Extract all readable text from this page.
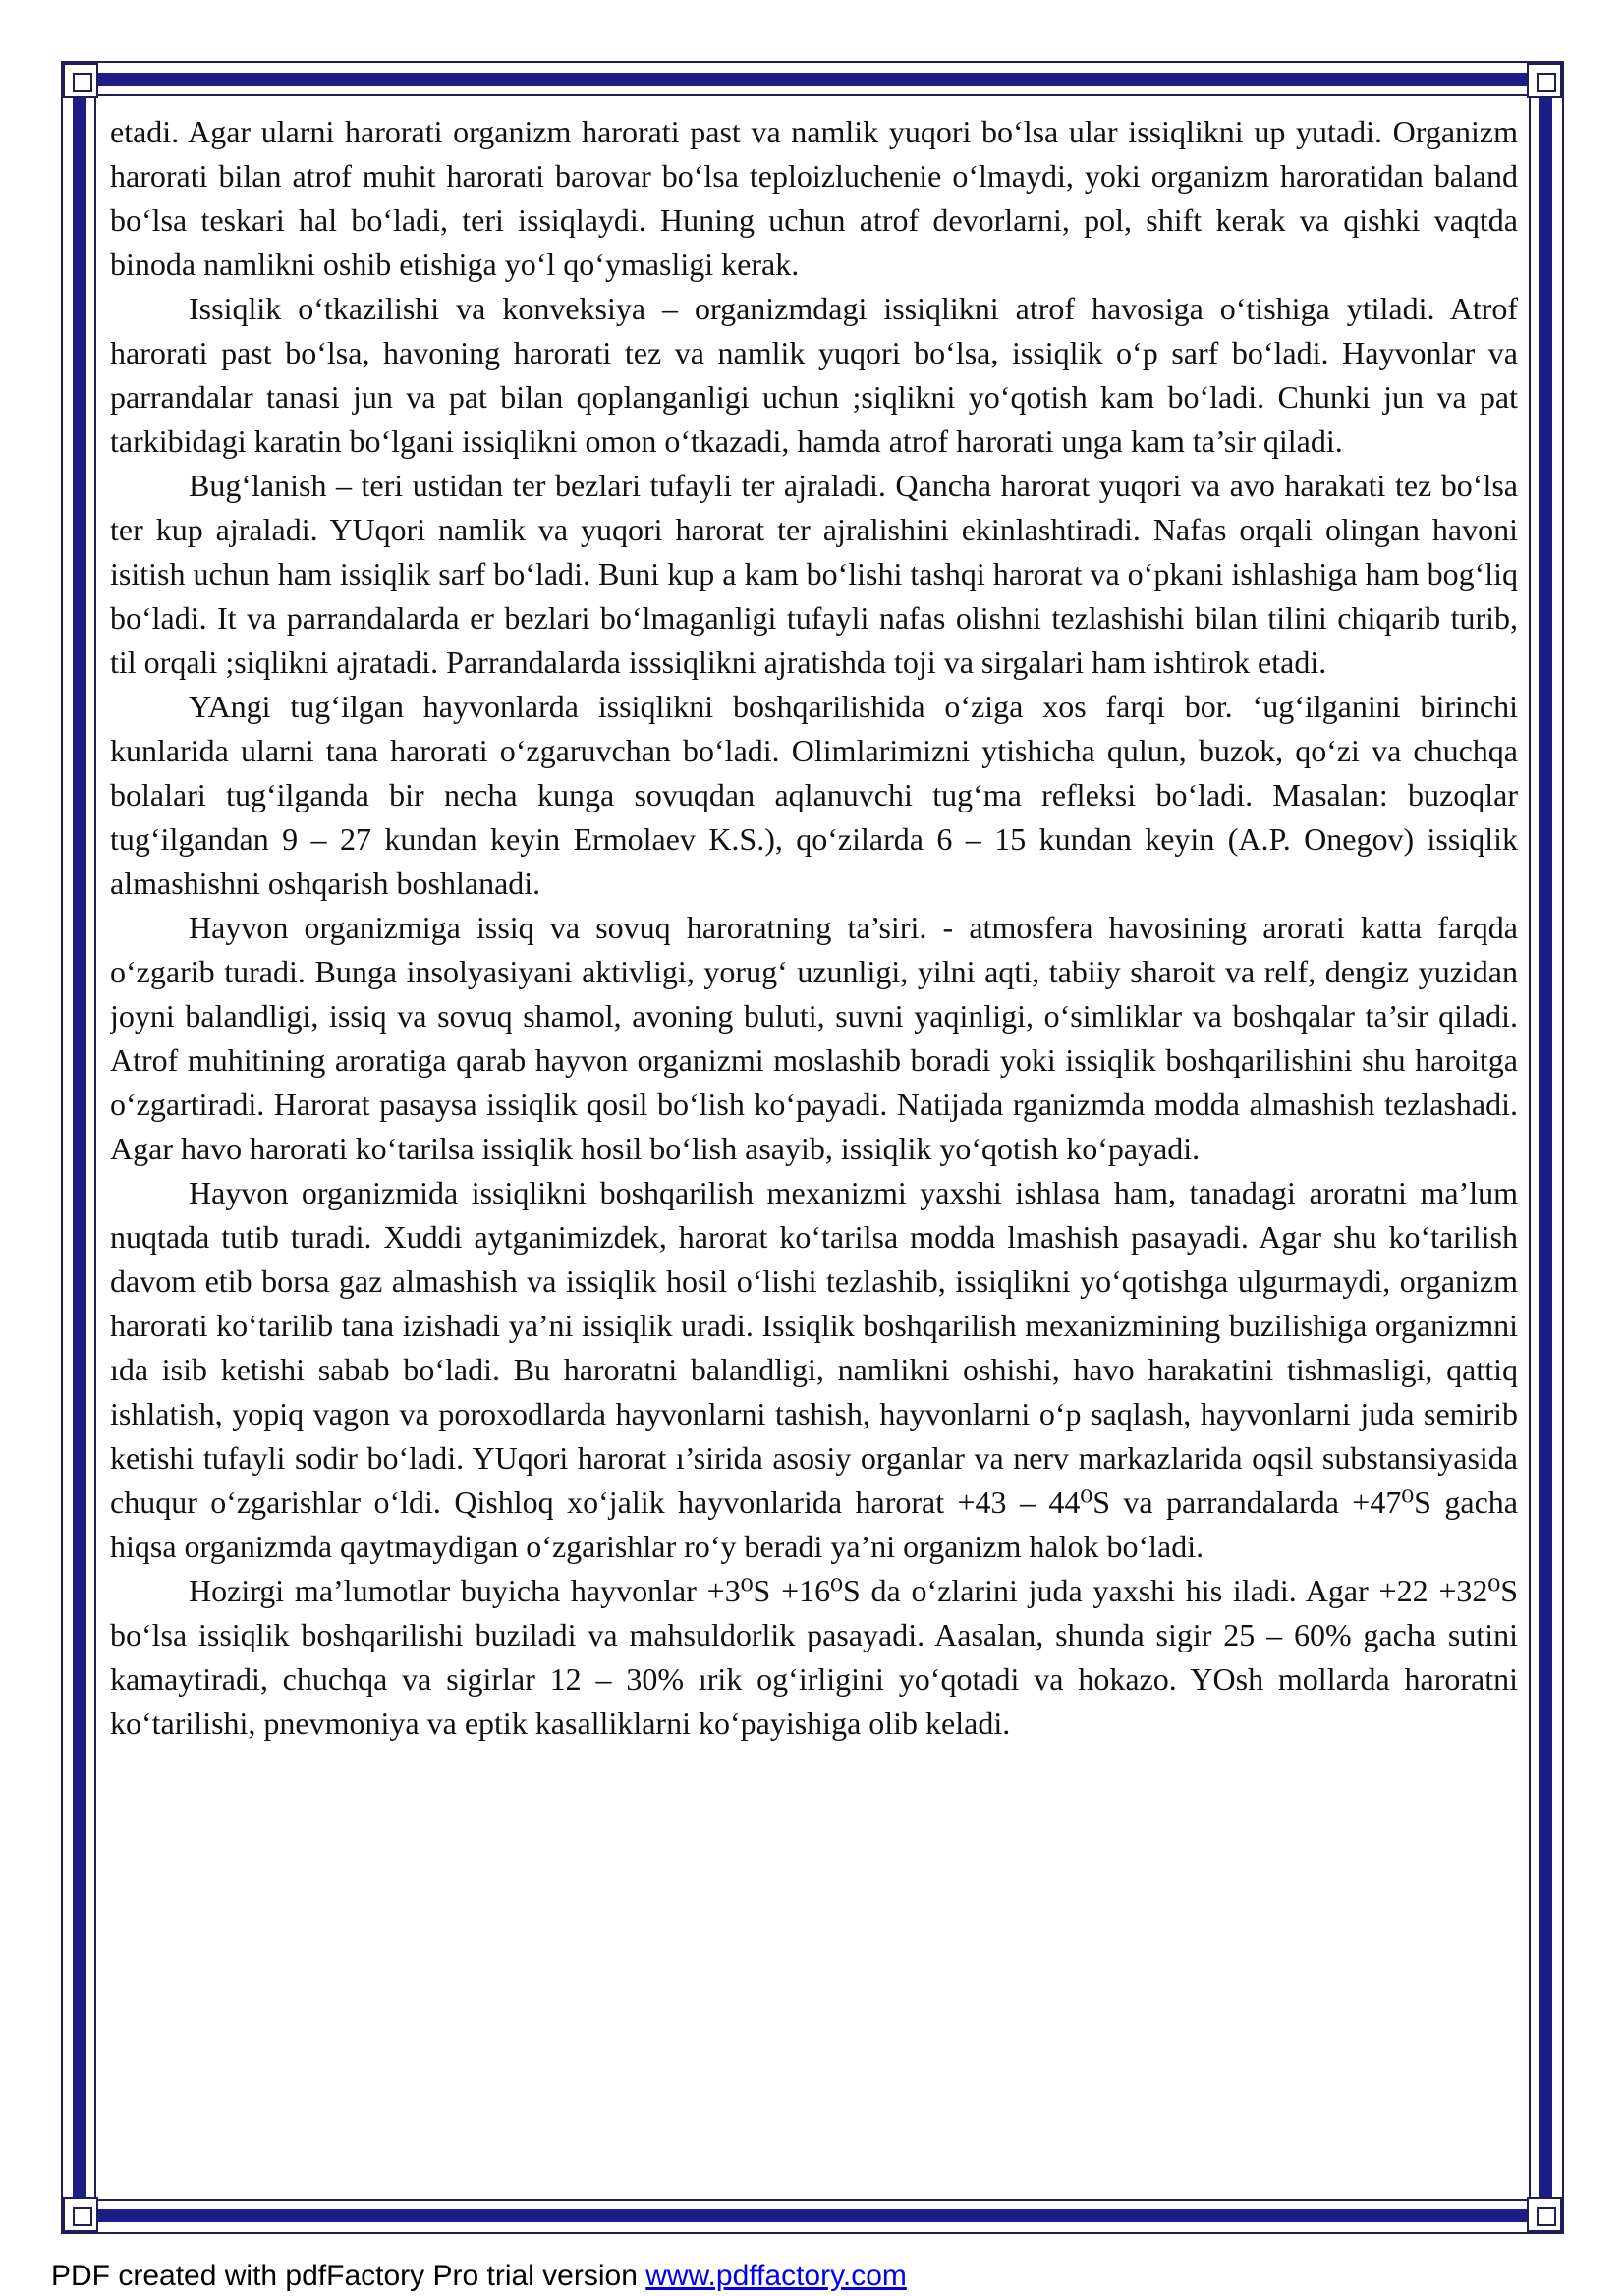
etadi. Agar ularni harorati organizm harorati past va namlik yuqori bo‘lsa ular issiqlikni up yutadi. Organizm harorati bilan atrof muhit harorati barovar bo‘lsa teploizluchenie o‘lmaydi, yoki organizm haroratidan baland bo‘lsa teskari hal bo‘ladi, teri issiqlaydi. Huning uchun atrof devorlarni, pol, shift kerak va qishki vaqtda binoda namlikni oshib etishiga yo‘l qo‘ymasligi kerak.

Issiqlik o‘tkazilishi va konveksiya – organizmdagi issiqlikni atrof havosiga o‘tishiga ytiladi. Atrof harorati past bo‘lsa, havoning harorati tez va namlik yuqori bo‘lsa, issiqlik o‘p sarf bo‘ladi. Hayvonlar va parrandalar tanasi jun va pat bilan qoplanganligi uchun ;siqlikni yo‘qotish kam bo‘ladi. Chunki jun va pat tarkibidagi karatin bo‘lgani issiqlikni omon o‘tkazadi, hamda atrof harorati unga kam ta’sir qiladi.

Bug‘lanish – teri ustidan ter bezlari tufayli ter ajraladi. Qancha harorat yuqori va avo harakati tez bo‘lsa ter kup ajraladi. YUqori namlik va yuqori harorat ter ajralishini ekinlashtiradi. Nafas orqali olingan havoni isitish uchun ham issiqlik sarf bo‘ladi. Buni kup a kam bo‘lishi tashqi harorat va o‘pkani ishlashiga ham bog‘liq bo‘ladi. It va parrandalarda er bezlari bo‘lmaganligi tufayli nafas olishni tezlashishi bilan tilini chiqarib turib, til orqali ;siqlikni ajratadi. Parrandalarda isssiqlikni ajratishda toji va sirgalari ham ishtirok etadi.

YAngi tug‘ilgan hayvonlarda issiqlikni boshqarilishida o‘ziga xos farqi bor. ‘ug‘ilganini birinchi kunlarida ularni tana harorati o‘zgaruvchan bo‘ladi. Olimlarimizni ytishicha qulun, buzok, qo‘zi va chuchqa bolalari tug‘ilganda bir necha kunga sovuqdan aqlanuvchi tug‘ma refleksi bo‘ladi. Masalan: buzoqlar tug‘ilgandan 9 – 27 kundan keyin Ermolaev K.S.), qo‘zilarda 6 – 15 kundan keyin (A.P. Onegov) issiqlik almashishni oshqarish boshlanadi.

Hayvon organizmiga issiq va sovuq haroratning ta’siri. - atmosfera havosining arorati katta farqda o‘zgarib turadi. Bunga insolyasiyani aktivligi, yorug‘ uzunligi, yilni aqti, tabiiy sharoit va relf, dengiz yuzidan joyni balandligi, issiq va sovuq shamol, avoning buluti, suvni yaqinligi, o‘simliklar va boshqalar ta’sir qiladi. Atrof muhitining aroratiga qarab hayvon organizmi moslashib boradi yoki issiqlik boshqarilishini shu haroitga o‘zgartiradi. Harorat pasaysa issiqlik qosil bo‘lish ko‘payadi. Natijada rganizmda modda almashish tezlashadi. Agar havo harorati ko‘tarilsa issiqlik hosil bo‘lish asayib, issiqlik yo‘qotish ko‘payadi.

Hayvon organizmida issiqlikni boshqarilish mexanizmi yaxshi ishlasa ham, tanadagi aroratni ma’lum nuqtada tutib turadi. Xuddi aytganimizdek, harorat ko‘tarilsa modda lmashish pasayadi. Agar shu ko‘tarilish davom etib borsa gaz almashish va issiqlik hosil o‘lishi tezlashib, issiqlikni yo‘qotishga ulgurmaydi, organizm harorati ko‘tarilib tana izishadi ya’ni issiqlik uradi. Issiqlik boshqarilish mexanizmining buzilishiga organizmni ıda isib ketishi sabab bo‘ladi. Bu haroratni balandligi, namlikni oshishi, havo harakatini tishmasligi, qattiq ishlatish, yopiq vagon va poroxodlarda hayvonlarni tashish, hayvonlarni o‘p saqlash, hayvonlarni juda semirib ketishi tufayli sodir bo‘ladi. YUqori harorat ı’sirida asosiy organlar va nerv markazlarida oqsil substansiyasida chuqur o‘zgarishlar o‘ldi. Qishloq xo‘jalik hayvonlarida harorat +43 – 44⁰S va parrandalarda +47⁰S gacha hiqsa organizmda qaytmaydigan o‘zgarishlar ro‘y beradi ya’ni organizm halok bo‘ladi.

Hozirgi ma’lumotlar buyicha hayvonlar +3⁰S +16⁰S da o‘zlarini juda yaxshi his iladi. Agar +22 +32⁰S bo‘lsa issiqlik boshqarilishi buziladi va mahsuldorlik pasayadi. Aasalan, shunda sigir 25 – 60% gacha sutini kamaytiradi, chuchqa va sigirlar 12 – 30% ırik og‘irligini yo‘qotadi va hokazo. YOsh mollarda haroratni ko‘tarilishi, pnevmoniya va eptik kasalliklarni ko‘payishiga olib keladi.

PDF created with pdfFactory Pro trial version www.pdffactory.com
